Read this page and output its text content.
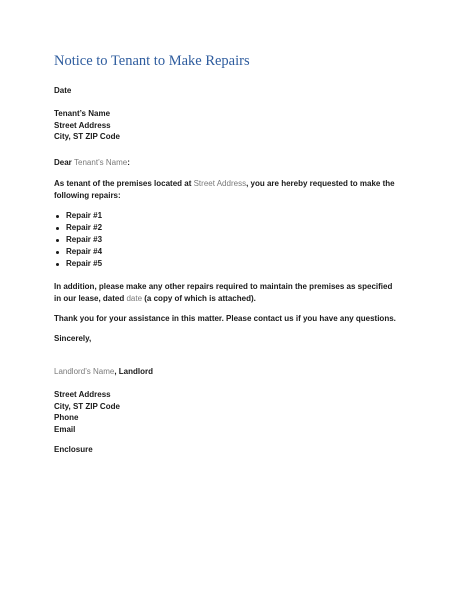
Notice to Tenant to Make Repairs
Date
Tenant’s Name
Street Address
City, ST ZIP Code
Dear Tenant’s Name:
As tenant of the premises located at Street Address, you are hereby requested to make the following repairs:
Repair #1
Repair #2
Repair #3
Repair #4
Repair #5
In addition, please make any other repairs required to maintain the premises as specified in our lease, dated date (a copy of which is attached).
Thank you for your assistance in this matter. Please contact us if you have any questions.
Sincerely,
Landlord’s Name, Landlord
Street Address
City, ST ZIP Code
Phone
Email
Enclosure
